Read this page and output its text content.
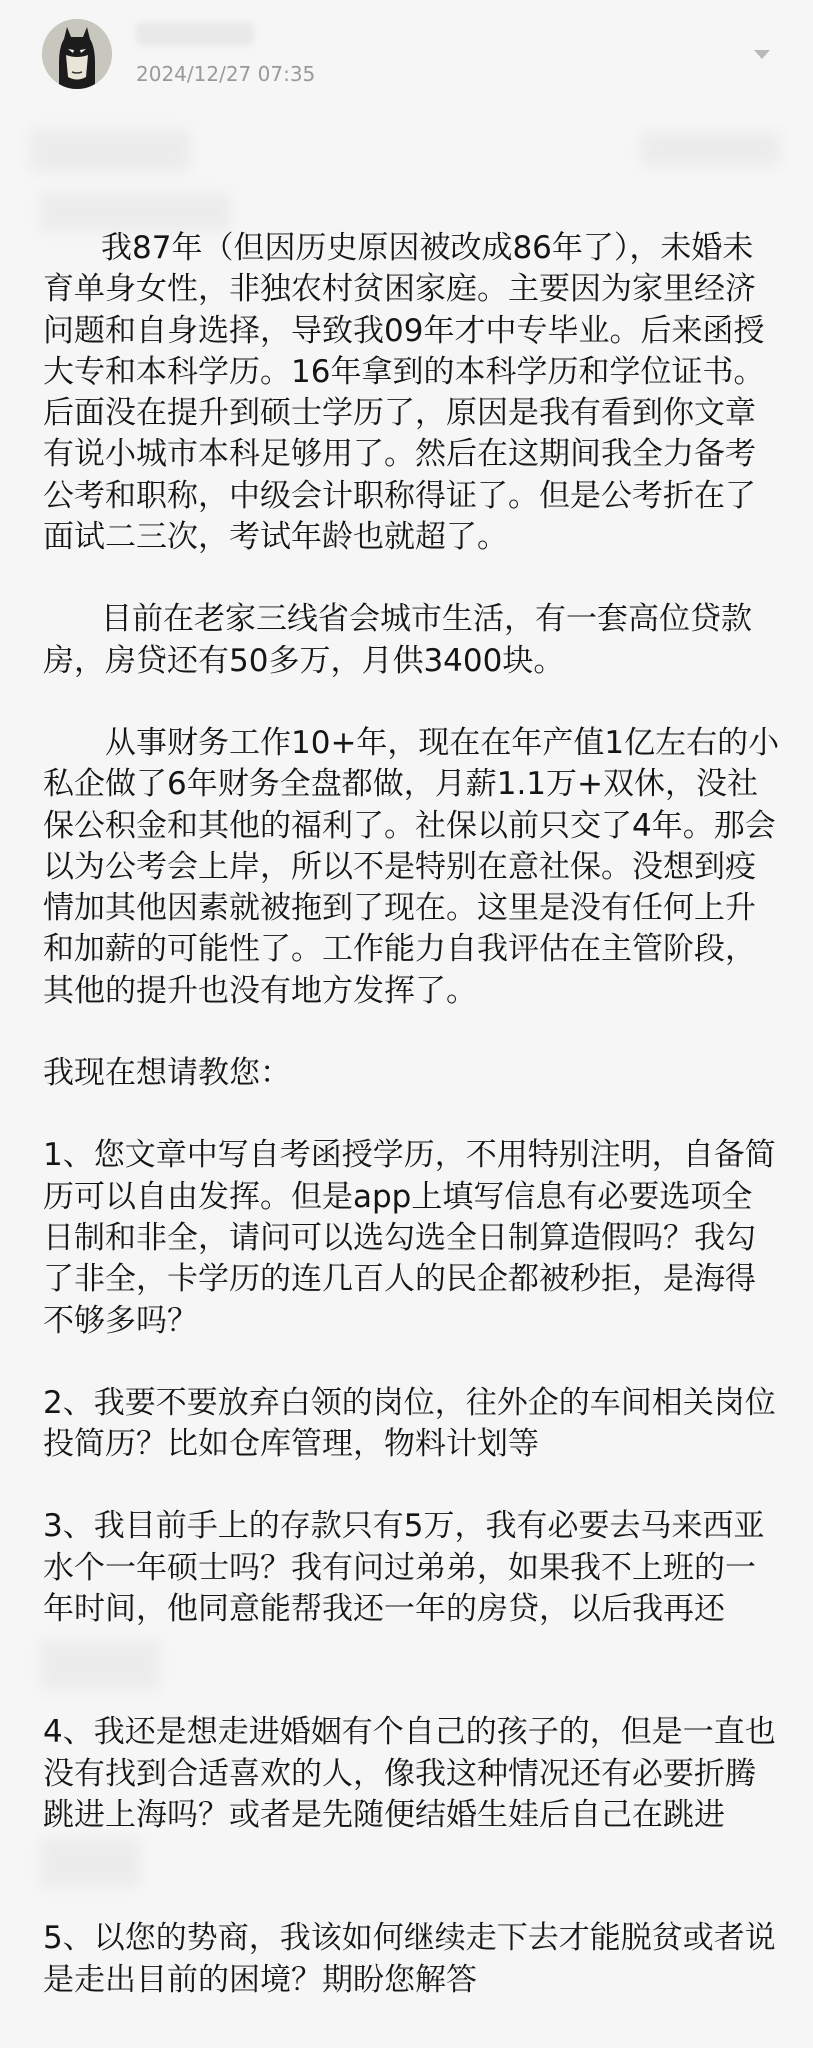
2024/12/27 07:35

我87年（但因历史原因被改成86年了），未婚未育单身女性，非独农村贫困家庭。主要因为家里经济问题和自身选择，导致我09年才中专毕业。后来函授大专和本科学历。16年拿到的本科学历和学位证书。后面没在提升到硕士学历了，原因是我有看到你文章有说小城市本科足够用了。然后在这期间我全力备考公考和职称，中级会计职称得证了。但是公考折在了面试二三次，考试年龄也就超了。

目前在老家三线省会城市生活，有一套高位贷款房，房贷还有50多万，月供3400块。

从事财务工作10+年，现在在年产值1亿左右的小私企做了6年财务全盘都做，月薪1.1万+双休，没社保公积金和其他的福利了。社保以前只交了4年。那会以为公考会上岸，所以不是特别在意社保。没想到疫情加其他因素就被拖到了现在。这里是没有任何上升和加薪的可能性了。工作能力自我评估在主管阶段，其他的提升也没有地方发挥了。

我现在想请教您：

1、您文章中写自考函授学历，不用特别注明，自备简历可以自由发挥。但是app上填写信息有必要选项全日制和非全，请问可以选勾选全日制算造假吗？我勾了非全，卡学历的连几百人的民企都被秒拒，是海得不够多吗？

2、我要不要放弃白领的岗位，往外企的车间相关岗位投简历？比如仓库管理，物料计划等

3、我目前手上的存款只有5万，我有必要去马来西亚水个一年硕士吗？我有问过弟弟，如果我不上班的一年时间，他同意能帮我还一年的房贷，以后我再还

4、我还是想走进婚姻有个自己的孩子的，但是一直也没有找到合适喜欢的人，像我这种情况还有必要折腾跳进上海吗？或者是先随便结婚生娃后自己在跳进

5、以您的势商，我该如何继续走下去才能脱贫或者说是走出目前的困境？期盼您解答
